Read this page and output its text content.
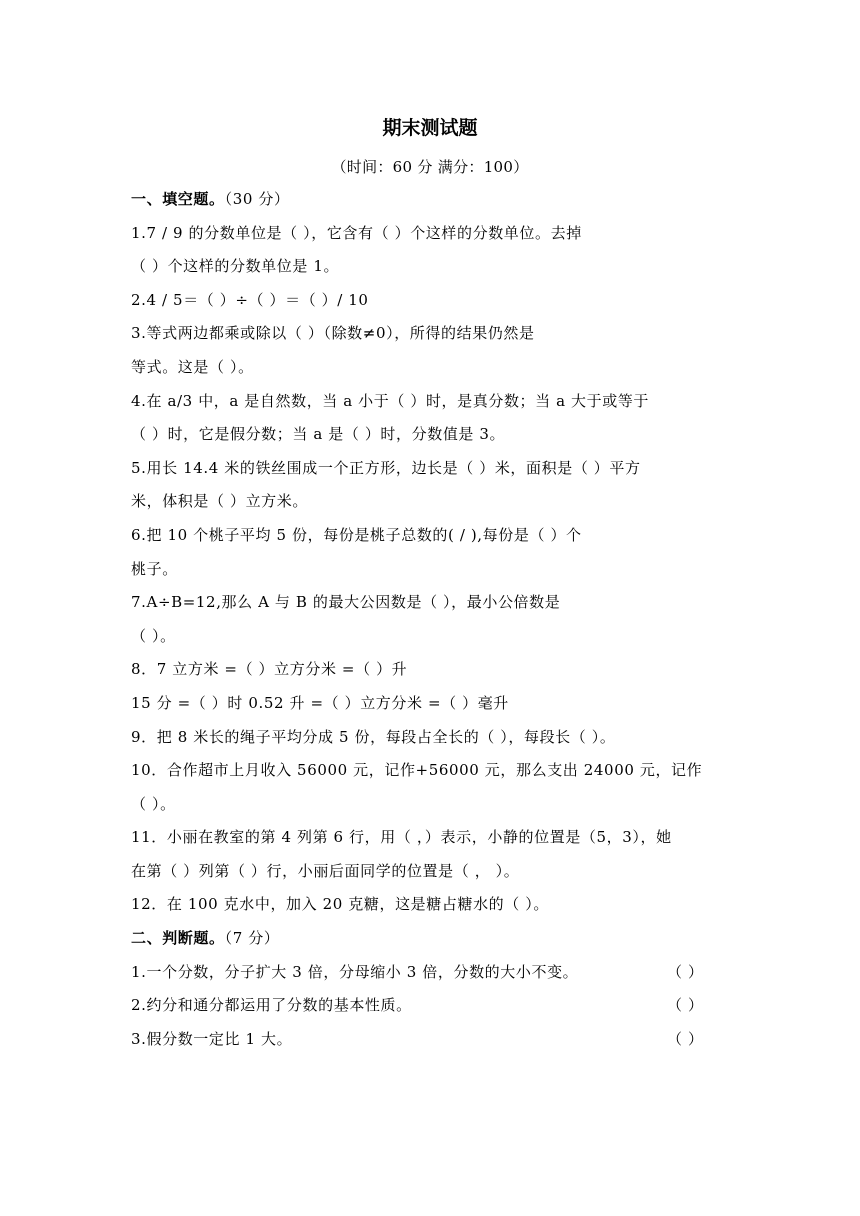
期末测试题
（时间：60 分 满分：100）
一、填空题。（30 分）
1.7 / 9 的分数单位是（ ），它含有（ ）个这样的分数单位。去掉
（ ）个这样的分数单位是 1。
2.4 / 5＝（ ）÷（ ）＝（ ）/ 10
3.等式两边都乘或除以（ ）（除数≠0），所得的结果仍然是
等式。这是（ ）。
4.在 a/3 中，a 是自然数，当 a 小于（ ）时，是真分数；当 a 大于或等于
（ ）时，它是假分数；当 a 是（ ）时，分数值是 3。
5.用长 14.4 米的铁丝围成一个正方形，边长是（ ）米，面积是（ ）平方
米，体积是（ ）立方米。
6.把 10 个桃子平均 5 份，每份是桃子总数的( / ),每份是（ ）个
桃子。
7.A÷B=12,那么 A 与 B 的最大公因数是（ ），最小公倍数是
（ ）。
8．7 立方米 =（ ）立方分米 =（ ）升
15 分 =（ ）时 0.52 升 =（ ）立方分米 =（ ）毫升
9．把 8 米长的绳子平均分成 5 份，每段占全长的（ ），每段长（ ）。
10．合作超市上月收入 56000 元，记作+56000 元，那么支出 24000 元，记作
（ ）。
11．小丽在教室的第 4 列第 6 行，用（ ，）表示，小静的位置是（5，3），她
在第（ ）列第（ ）行，小丽后面同学的位置是（ ， ）。
12．在 100 克水中，加入 20 克糖，这是糖占糖水的（ ）。
二、判断题。（7 分）
1.一个分数，分子扩大 3 倍，分母缩小 3 倍，分数的大小不变。	（ ）
2.约分和通分都运用了分数的基本性质。	（ ）
3.假分数一定比 1 大。	（ ）
